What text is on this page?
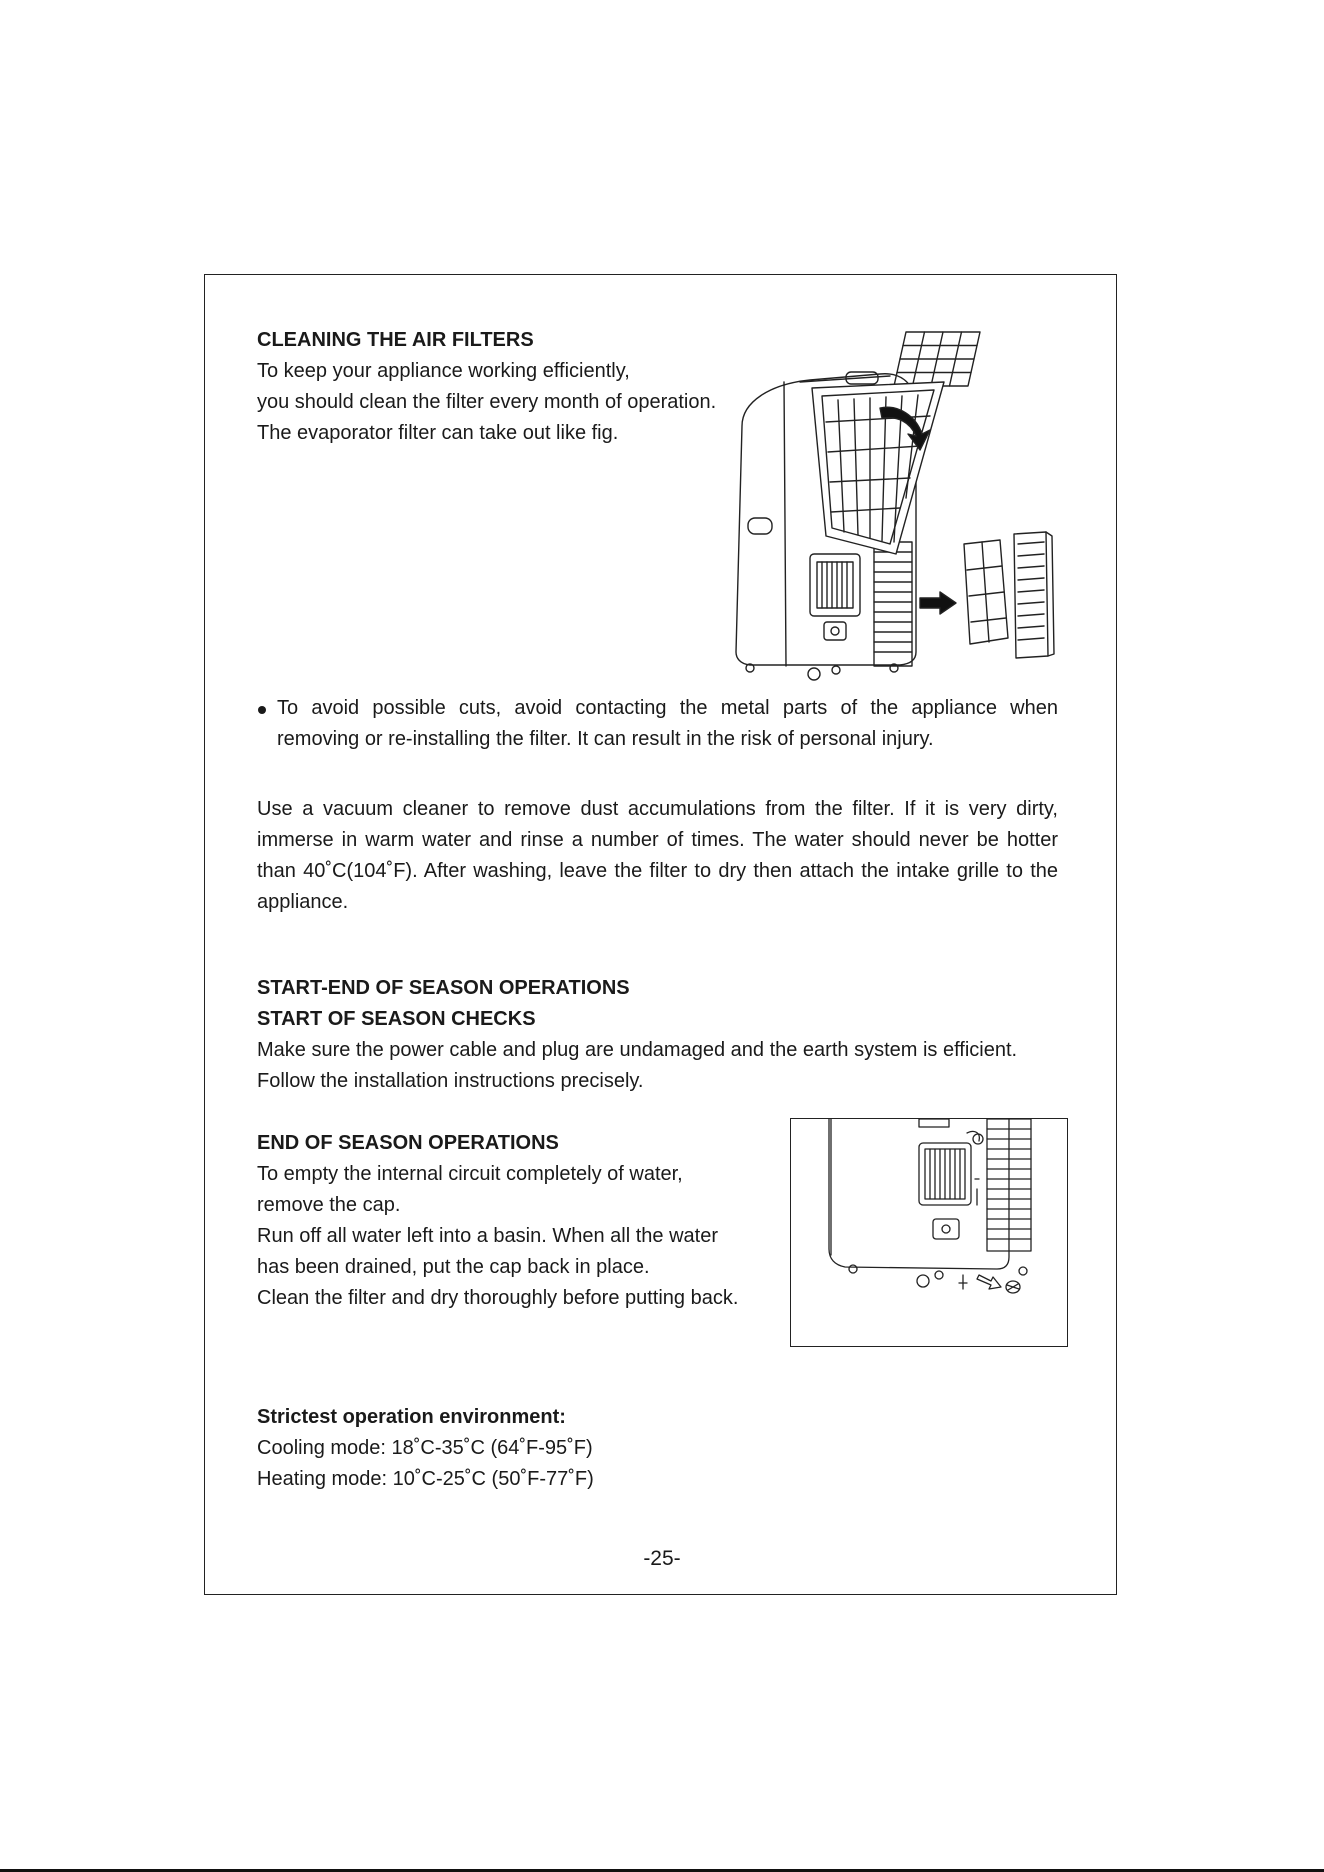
CLEANING THE AIR FILTERS
To keep your appliance working efficiently,
you should clean the filter every month of operation.
The evaporator filter can take out like fig.
To avoid possible cuts, avoid contacting the metal parts of the appliance when
removing or re-installing the filter. It can result in the risk of personal injury.
Use a vacuum cleaner to remove dust accumulations from the filter. If it is very dirty,
immerse in warm water and rinse a number of times. The water should never be hotter
than 40˚C(104˚F). After washing, leave the filter to dry then attach the intake grille to the
appliance.
START-END OF SEASON OPERATIONS
START OF SEASON CHECKS
Make sure the power cable and plug are undamaged and the earth system is efficient.
Follow the installation instructions precisely.
END OF SEASON OPERATIONS
To empty the internal circuit completely of water,
remove the cap.
Run off all water left into a basin. When all the water
has been drained, put the cap back in place.
Clean the filter and dry thoroughly before putting back.
Strictest operation environment:
Cooling mode: 18˚C-35˚C (64˚F-95˚F)
Heating mode: 10˚C-25˚C (50˚F-77˚F)
-25-
